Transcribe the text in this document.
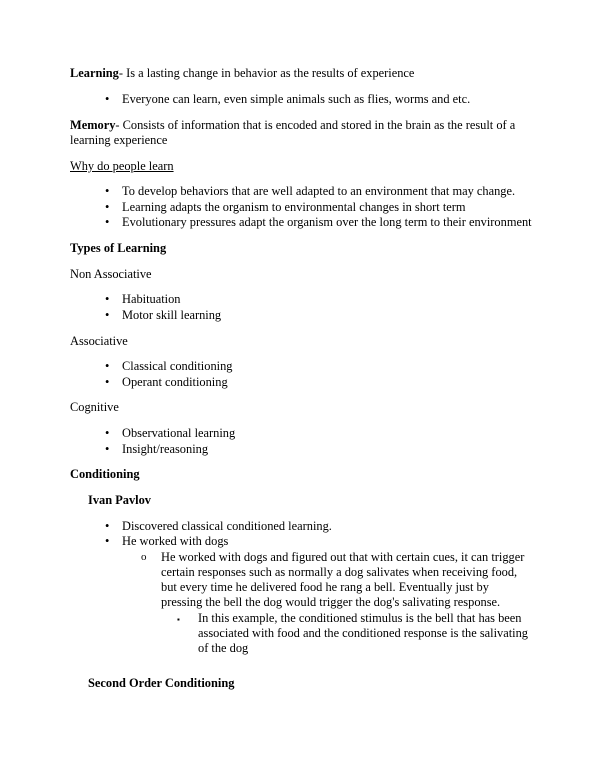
Learning- Is a lasting change in behavior as the results of experience

•	Everyone can learn, even simple animals such as flies, worms and etc.

Memory- Consists of information that is encoded and stored in the brain as the result of a learning experience

Why do people learn

•	To develop behaviors that are well adapted to an environment that may change.
•	Learning adapts the organism to environmental changes in short term
•	Evolutionary pressures adapt the organism over the long term to their environment

Types of Learning

Non Associative

•	Habituation
•	Motor skill learning

Associative

•	Classical conditioning
•	Operant conditioning

Cognitive

•	Observational learning
•	Insight/reasoning

Conditioning

Ivan Pavlov

•	Discovered classical conditioned learning.
•	He worked with dogs
o	He worked with dogs and figured out that with certain cues, it can trigger certain responses such as normally a dog salivates when receiving food, but every time he delivered food he rang a bell. Eventually just by pressing the bell the dog would trigger the dog's salivating response.
▪	In this example, the conditioned stimulus is the bell that has been associated with food and the conditioned response is the salivating of the dog

Second Order Conditioning
